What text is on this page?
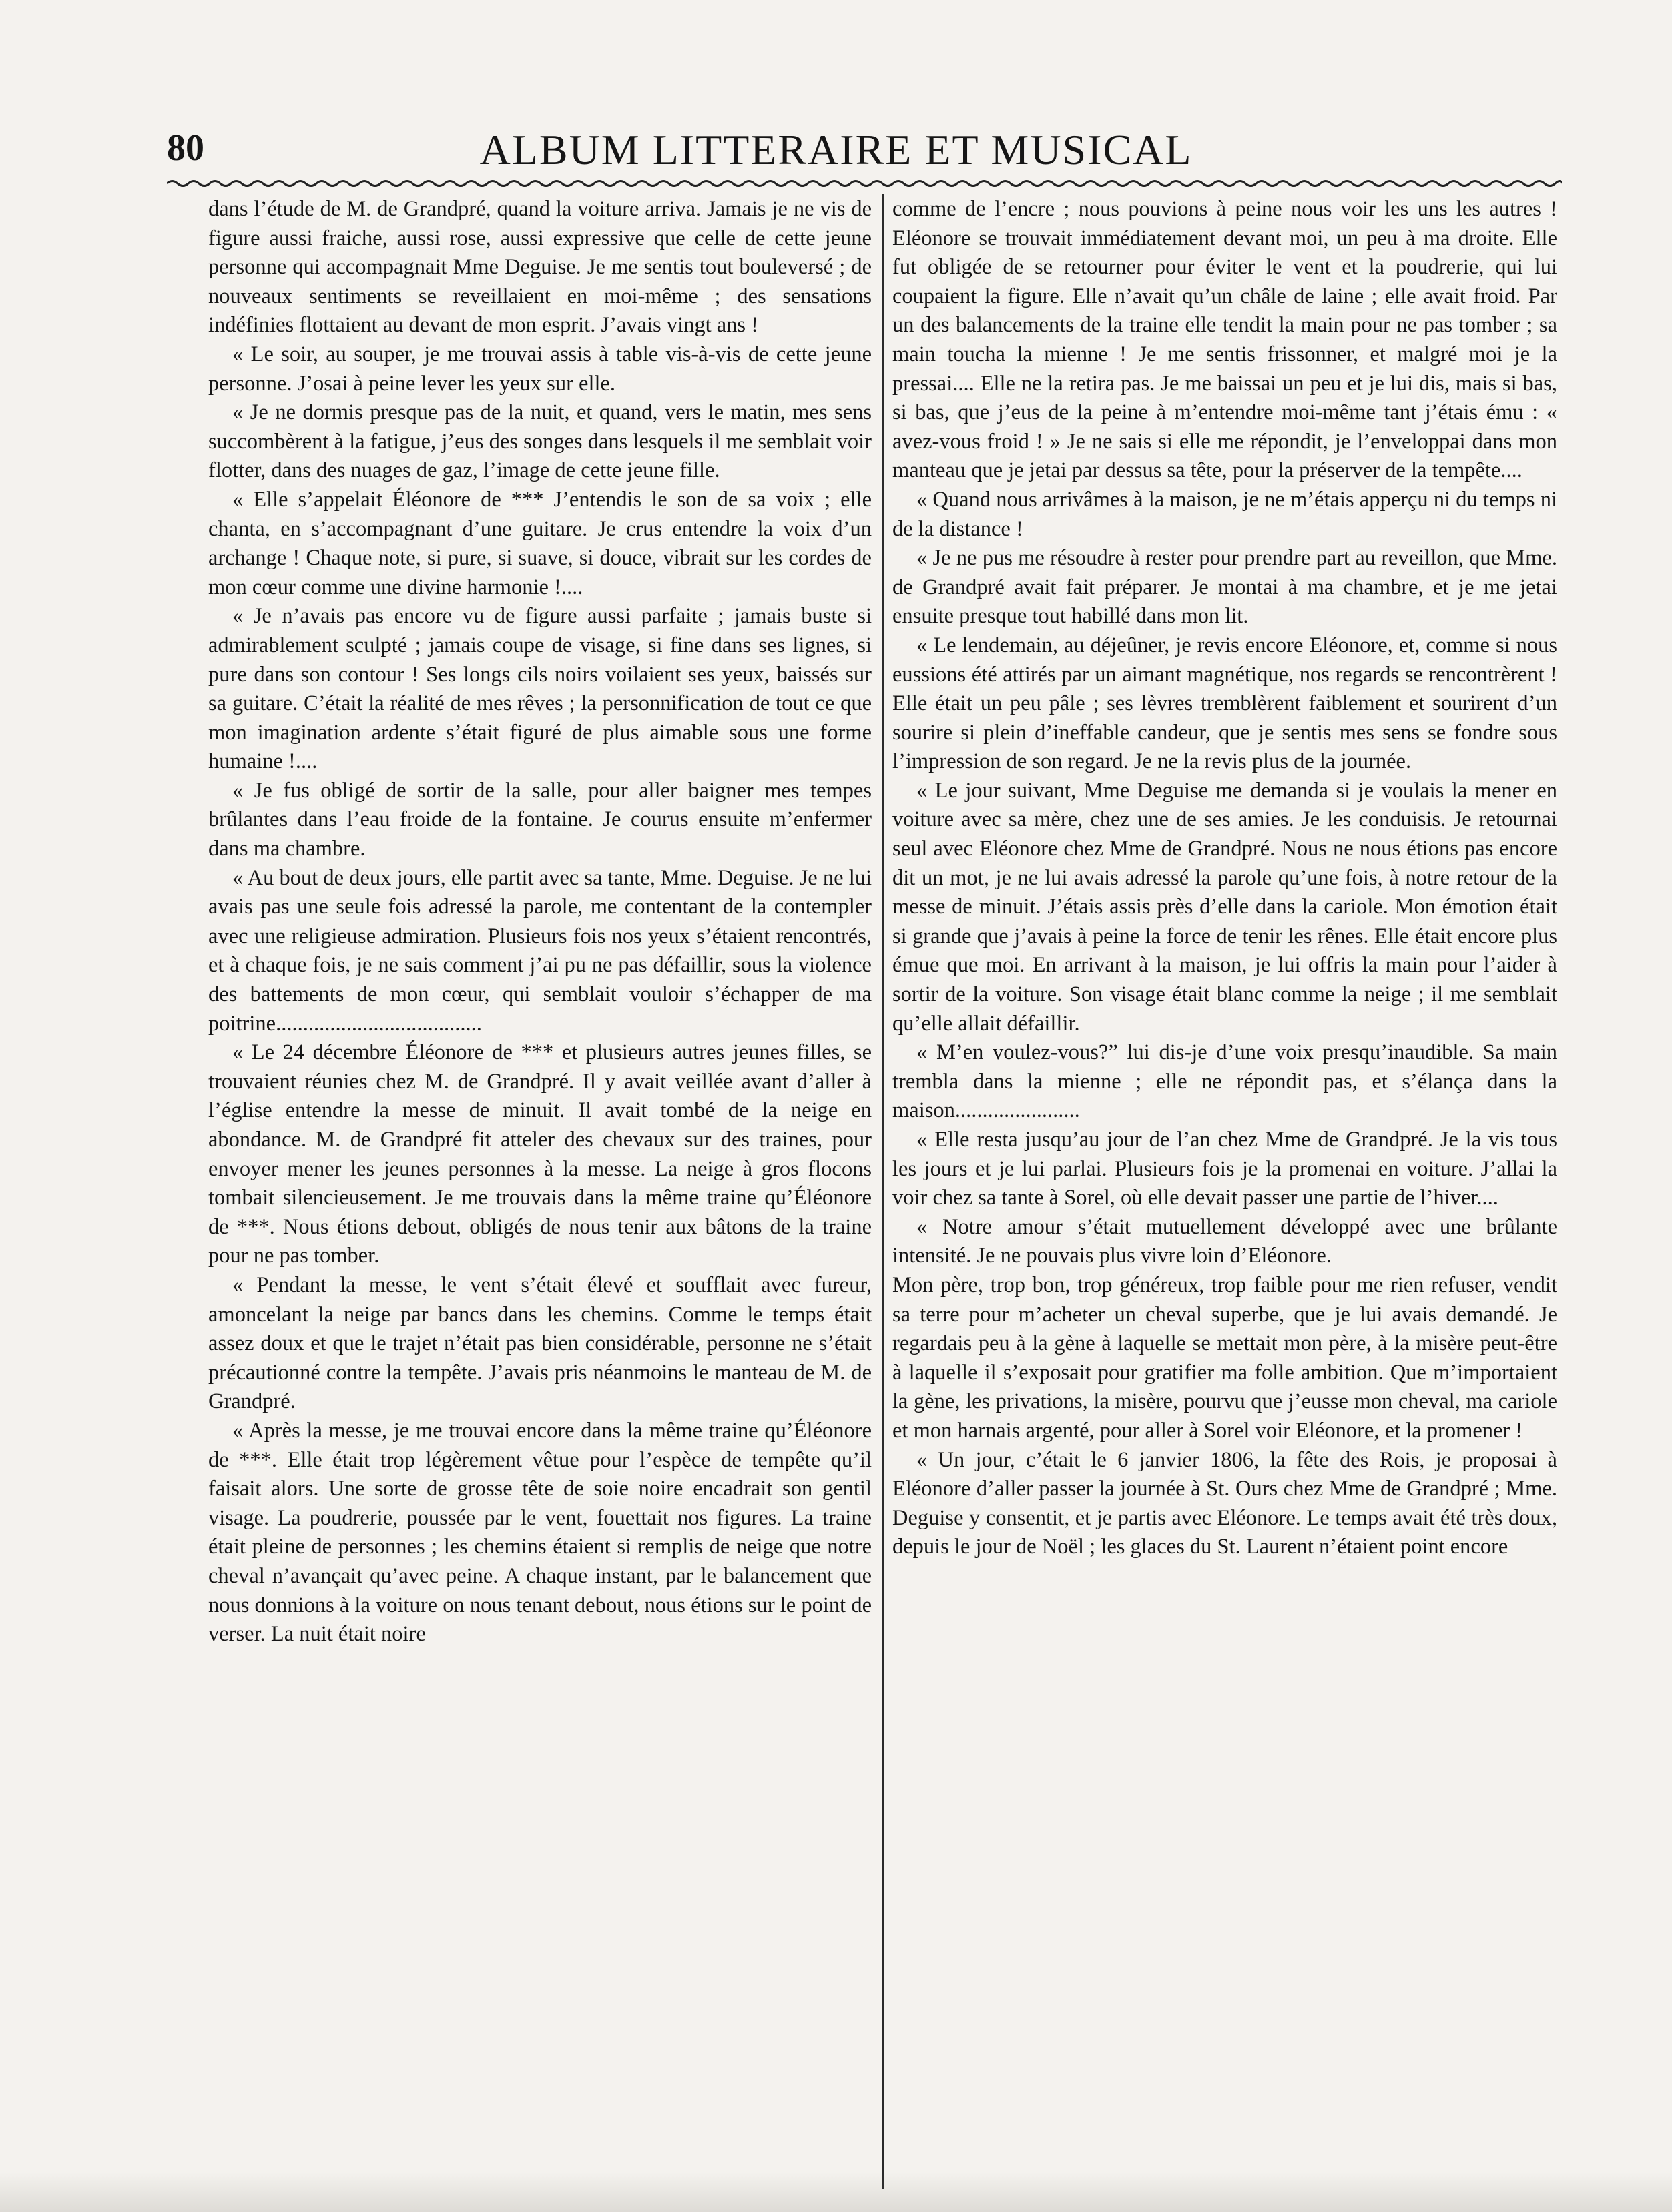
80	ALBUM LITTERAIRE ET MUSICAL

dans l’étude de M. de Grandpré, quand la voiture arriva. Jamais je ne vis de figure aussi fraiche, aussi rose, aussi expressive que celle de cette jeune personne qui accompagnait Mme Deguise. Je me sentis tout bouleversé ; de nouveaux sentiments se reveillaient en moi-même ; des sensations indéfinies flottaient au devant de mon esprit. J’avais vingt ans !

« Le soir, au souper, je me trouvai assis à table vis-à-vis de cette jeune personne. J’osai à peine lever les yeux sur elle.

« Je ne dormis presque pas de la nuit, et quand, vers le matin, mes sens succombèrent à la fatigue, j’eus des songes dans lesquels il me semblait voir flotter, dans des nuages de gaz, l’image de cette jeune fille.

« Elle s’appelait Éléonore de *** J’entendis le son de sa voix ; elle chanta, en s’accompagnant d’une guitare. Je crus entendre la voix d’un archange ! Chaque note, si pure, si suave, si douce, vibrait sur les cordes de mon cœur comme une divine harmonie !....

« Je n’avais pas encore vu de figure aussi parfaite ; jamais buste si admirablement sculpté ; jamais coupe de visage, si fine dans ses lignes, si pure dans son contour ! Ses longs cils noirs voilaient ses yeux, baissés sur sa guitare. C’était la réalité de mes rêves ; la personnification de tout ce que mon imagination ardente s’était figuré de plus aimable sous une forme humaine !....

« Je fus obligé de sortir de la salle, pour aller baigner mes tempes brûlantes dans l’eau froide de la fontaine. Je courus ensuite m’enfermer dans ma chambre.

« Au bout de deux jours, elle partit avec sa tante, Mme. Deguise. Je ne lui avais pas une seule fois adressé la parole, me contentant de la contempler avec une religieuse admiration. Plusieurs fois nos yeux s’étaient rencontrés, et à chaque fois, je ne sais comment j’ai pu ne pas défaillir, sous la violence des battements de mon cœur, qui semblait vouloir s’échapper de ma poitrine......................................

« Le 24 décembre Éléonore de *** et plusieurs autres jeunes filles, se trouvaient réunies chez M. de Grandpré. Il y avait veillée avant d’aller à l’église entendre la messe de minuit. Il avait tombé de la neige en abondance. M. de Grandpré fit atteler des chevaux sur des traines, pour envoyer mener les jeunes personnes à la messe. La neige à gros flocons tombait silencieusement. Je me trouvais dans la même traine qu’Éléonore de ***. Nous étions debout, obligés de nous tenir aux bâtons de la traine pour ne pas tomber.

« Pendant la messe, le vent s’était élevé et soufflait avec fureur, amoncelant la neige par bancs dans les chemins. Comme le temps était assez doux et que le trajet n’était pas bien considérable, personne ne s’était précautionné contre la tempête. J’avais pris néanmoins le manteau de M. de Grandpré.

« Après la messe, je me trouvai encore dans la même traine qu’Éléonore de ***. Elle était trop légèrement vêtue pour l’espèce de tempête qu’il faisait alors. Une sorte de grosse tête de soie noire encadrait son gentil visage. La poudrerie, poussée par le vent, fouettait nos figures. La traine était pleine de personnes ; les chemins étaient si remplis de neige que notre cheval n’avançait qu’avec peine. A chaque instant, par le balancement que nous donnions à la voiture on nous tenant debout, nous étions sur le point de verser. La nuit était noire

comme de l’encre ; nous pouvions à peine nous voir les uns les autres ! Eléonore se trouvait immédiatement devant moi, un peu à ma droite. Elle fut obligée de se retourner pour éviter le vent et la poudrerie, qui lui coupaient la figure. Elle n’avait qu’un châle de laine ; elle avait froid. Par un des balancements de la traine elle tendit la main pour ne pas tomber ; sa main toucha la mienne ! Je me sentis frissonner, et malgré moi je la pressai.... Elle ne la retira pas. Je me baissai un peu et je lui dis, mais si bas, si bas, que j’eus de la peine à m’entendre moi-même tant j’étais ému : « avez-vous froid ! » Je ne sais si elle me répondit, je l’enveloppai dans mon manteau que je jetai par dessus sa tête, pour la préserver de la tempête....

« Quand nous arrivâmes à la maison, je ne m’étais apperçu ni du temps ni de la distance !

« Je ne pus me résoudre à rester pour prendre part au reveillon, que Mme. de Grandpré avait fait préparer. Je montai à ma chambre, et je me jetai ensuite presque tout habillé dans mon lit.

« Le lendemain, au déjeûner, je revis encore Eléonore, et, comme si nous eussions été attirés par un aimant magnétique, nos regards se rencontrèrent ! Elle était un peu pâle ; ses lèvres tremblèrent faiblement et sourirent d’un sourire si plein d’ineffable candeur, que je sentis mes sens se fondre sous l’impression de son regard. Je ne la revis plus de la journée.

« Le jour suivant, Mme Deguise me demanda si je voulais la mener en voiture avec sa mère, chez une de ses amies. Je les conduisis. Je retournai seul avec Eléonore chez Mme de Grandpré. Nous ne nous étions pas encore dit un mot, je ne lui avais adressé la parole qu’une fois, à notre retour de la messe de minuit. J’étais assis près d’elle dans la cariole. Mon émotion était si grande que j’avais à peine la force de tenir les rênes. Elle était encore plus émue que moi. En arrivant à la maison, je lui offris la main pour l’aider à sortir de la voiture. Son visage était blanc comme la neige ; il me semblait qu’elle allait défaillir.

« M’en voulez-vous?” lui dis-je d’une voix presqu’inaudible. Sa main trembla dans la mienne ; elle ne répondit pas, et s’élança dans la maison.......................

« Elle resta jusqu’au jour de l’an chez Mme de Grandpré. Je la vis tous les jours et je lui parlai. Plusieurs fois je la promenai en voiture. J’allai la voir chez sa tante à Sorel, où elle devait passer une partie de l’hiver....

« Notre amour s’était mutuellement développé avec une brûlante intensité. Je ne pouvais plus vivre loin d’Eléonore.

Mon père, trop bon, trop généreux, trop faible pour me rien refuser, vendit sa terre pour m’acheter un cheval superbe, que je lui avais demandé. Je regardais peu à la gène à laquelle se mettait mon père, à la misère peut-être à laquelle il s’exposait pour gratifier ma folle ambition. Que m’importaient la gène, les privations, la misère, pourvu que j’eusse mon cheval, ma cariole et mon harnais argenté, pour aller à Sorel voir Eléonore, et la promener !

« Un jour, c’était le 6 janvier 1806, la fête des Rois, je proposai à Eléonore d’aller passer la journée à St. Ours chez Mme de Grandpré ; Mme. Deguise y consentit, et je partis avec Eléonore. Le temps avait été très doux, depuis le jour de Noël ; les glaces du St. Laurent n’étaient point encore
